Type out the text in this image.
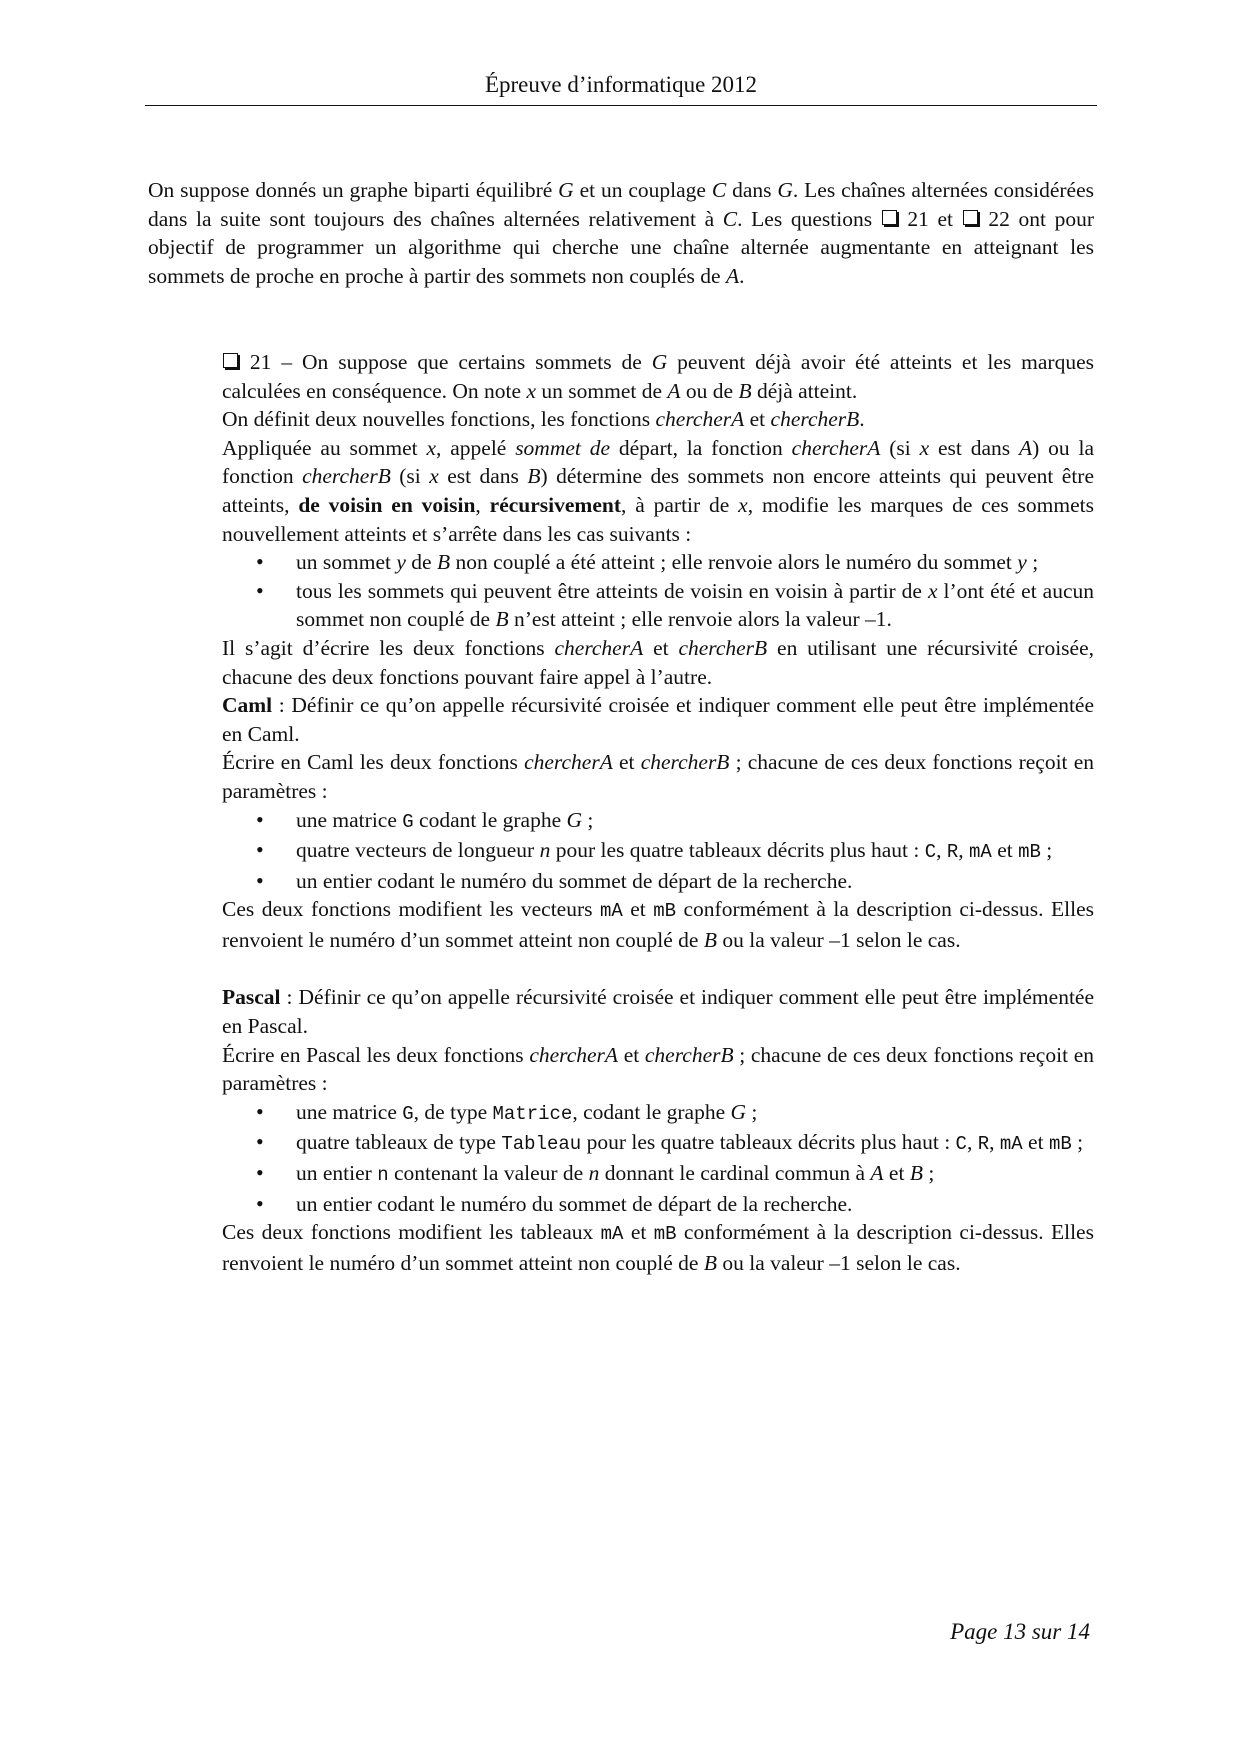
Épreuve d’informatique 2012
On suppose donnés un graphe biparti équilibré G et un couplage C dans G. Les chaînes alternées considérées dans la suite sont toujours des chaînes alternées relativement à C. Les questions  21 et  22 ont pour objectif de programmer un algorithme qui cherche une chaîne alternée augmentante en atteignant les sommets de proche en proche à partir des sommets non couplés de A.

21 – On suppose que certains sommets de G peuvent déjà avoir été atteints et les marques calculées en conséquence. On note x un sommet de A ou de B déjà atteint.

On définit deux nouvelles fonctions, les fonctions chercherA et chercherB.

Appliquée au sommet x, appelé sommet de départ, la fonction chercherA (si x est dans A) ou la fonction chercherB (si x est dans B) détermine des sommets non encore atteints qui peuvent être atteints, de voisin en voisin, récursivement, à partir de x, modifie les marques de ces sommets nouvellement atteints et s’arrête dans les cas suivants :

• un sommet y de B non couplé a été atteint ; elle renvoie alors le numéro du sommet y ;
• tous les sommets qui peuvent être atteints de voisin en voisin à partir de x l’ont été et aucun sommet non couplé de B n’est atteint ; elle renvoie alors la valeur –1.

Il s’agit d’écrire les deux fonctions chercherA et chercherB en utilisant une récursivité croisée, chacune des deux fonctions pouvant faire appel à l’autre.

Caml : Définir ce qu’on appelle récursivité croisée et indiquer comment elle peut être implémentée en Caml.

Écrire en Caml les deux fonctions chercherA et chercherB ; chacune de ces deux fonctions reçoit en paramètres :

• une matrice G codant le graphe G ;
• quatre vecteurs de longueur n pour les quatre tableaux décrits plus haut : C, R, mA et mB ;
• un entier codant le numéro du sommet de départ de la recherche.

Ces deux fonctions modifient les vecteurs mA et mB conformément à la description ci-dessus. Elles renvoient le numéro d’un sommet atteint non couplé de B ou la valeur –1 selon le cas.

Pascal : Définir ce qu’on appelle récursivité croisée et indiquer comment elle peut être implémentée en Pascal.

Écrire en Pascal les deux fonctions chercherA et chercherB ; chacune de ces deux fonctions reçoit en paramètres :

• une matrice G, de type Matrice, codant le graphe G ;
• quatre tableaux de type Tableau pour les quatre tableaux décrits plus haut : C, R, mA et mB ;
• un entier n contenant la valeur de n donnant le cardinal commun à A et B ;
• un entier codant le numéro du sommet de départ de la recherche.

Ces deux fonctions modifient les tableaux mA et mB conformément à la description ci-dessus. Elles renvoient le numéro d’un sommet atteint non couplé de B ou la valeur –1 selon le cas.

Page 13 sur 14
